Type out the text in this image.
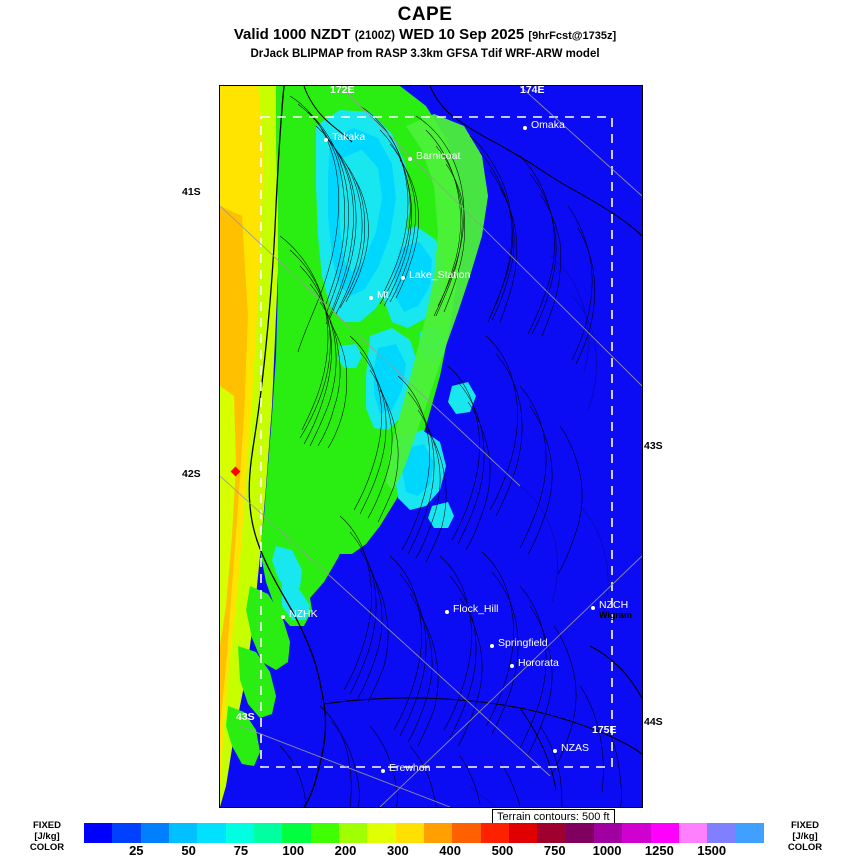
CAPE
Valid 1000 NZDT (2100Z) WED 10 Sep 2025 [9hrFcst@1735z]
DrJack BLIPMAP from RASP 3.3km GFSA Tdif WRF-ARW model
41S
42S
43S
44S
43S
172E	174E
175E
Takaka
Omaka
Barnicoat
Lake_Station
Mt
NZHK	Flock_Hill	NZCH
Wigram
Springfield
Hororata
NZAS
Erewhon
Terrain contours: 500 ft
FIXED
[J/kg]
COLOR	25	50	75	100 200 300 400 500 750 1000 1250 1500
FIXED
[J/kg]
COLOR
